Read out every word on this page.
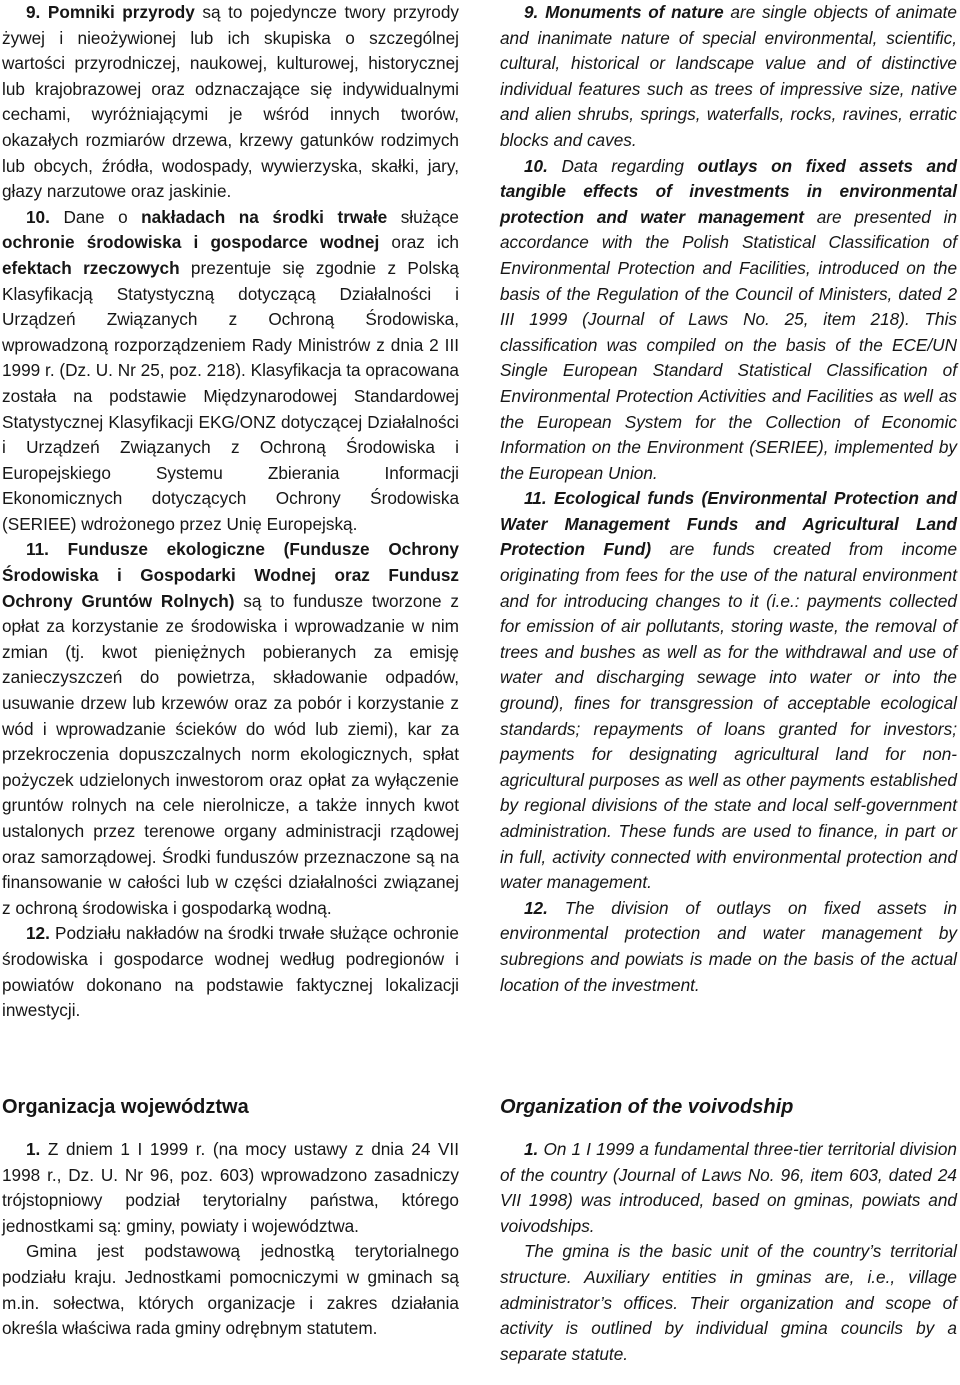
9. Pomniki przyrody są to pojedyncze twory przyrody żywej i nieożywionej lub ich skupiska o szczególnej wartości przyrodniczej, naukowej, kulturowej, historycznej lub krajobrazowej oraz odznaczające się indywidualnymi cechami, wyróżniającymi je wśród innych tworów, okazałych rozmiarów drzewa, krzewy gatunków rodzimych lub obcych, źródła, wodospady, wywierzyska, skałki, jary, głazy narzutowe oraz jaskinie.

10. Dane o nakładach na środki trwałe służące ochronie środowiska i gospodarce wodnej oraz ich efektach rzeczowych prezentuje się zgodnie z Polską Klasyfikacją Statystyczną dotyczącą Działalności i Urządzeń Związanych z Ochroną Środowiska, wprowadzoną rozporządzeniem Rady Ministrów z dnia 2 III 1999 r. (Dz. U. Nr 25, poz. 218). Klasyfikacja ta opracowana została na podstawie Międzynarodowej Standardowej Statystycznej Klasyfikacji EKG/ONZ dotyczącej Działalności i Urządzeń Związanych z Ochroną Środowiska i Europejskiego Systemu Zbierania Informacji Ekonomicznych dotyczących Ochrony Środowiska (SERIEE) wdrożonego przez Unię Europejską.

11. Fundusze ekologiczne (Fundusze Ochrony Środowiska i Gospodarki Wodnej oraz Fundusz Ochrony Gruntów Rolnych) są to fundusze tworzone z opłat za korzystanie ze środowiska i wprowadzanie w nim zmian (tj. kwot pieniężnych pobieranych za emisję zanieczyszczeń do powietrza, składowanie odpadów, usuwanie drzew lub krzewów oraz za pobór i korzystanie z wód i wprowadzanie ścieków do wód lub ziemi), kar za przekroczenia dopuszczalnych norm ekologicznych, spłat pożyczek udzielonych inwestorom oraz opłat za wyłączenie gruntów rolnych na cele nierolnicze, a także innych kwot ustalonych przez terenowe organy administracji rządowej oraz samorządowej. Środki funduszów przeznaczone są na finansowanie w całości lub w części działalności związanej z ochroną środowiska i gospodarką wodną.

12. Podziału nakładów na środki trwałe służące ochronie środowiska i gospodarce wodnej według podregionów i powiatów dokonano na podstawie faktycznej lokalizacji inwestycji.

Organizacja województwa

1. Z dniem 1 I 1999 r. (na mocy ustawy z dnia 24 VII 1998 r., Dz. U. Nr 96, poz. 603) wprowadzono zasadniczy trójstopniowy podział terytorialny państwa, którego jednostkami są: gminy, powiaty i województwa.

Gmina jest podstawową jednostką terytorialnego podziału kraju. Jednostkami pomocniczymi w gminach są m.in. sołectwa, których organizacje i zakres działania określa właściwa rada gminy odrębnym statutem.

9. Monuments of nature are single objects of animate and inanimate nature of special environmental, scientific, cultural, historical or landscape value and of distinctive individual features such as trees of impressive size, native and alien shrubs, springs, waterfalls, rocks, ravines, erratic blocks and caves.

10. Data regarding outlays on fixed assets and tangible effects of investments in environmental protection and water management are presented in accordance with the Polish Statistical Classification of Environmental Protection and Facilities, introduced on the basis of the Regulation of the Council of Ministers, dated 2 III 1999 (Journal of Laws No. 25, item 218). This classification was compiled on the basis of the ECE/UN Single European Standard Statistical Classification of Environmental Protection Activities and Facilities as well as the European System for the Collection of Economic Information on the Environment (SERIEE), implemented by the European Union.

11. Ecological funds (Environmental Protection and Water Management Funds and Agricultural Land Protection Fund) are funds created from income originating from fees for the use of the natural environment and for introducing changes to it (i.e.: payments collected for emission of air pollutants, storing waste, the removal of trees and bushes as well as for the withdrawal and use of water and discharging sewage into water or into the ground), fines for transgression of acceptable ecological standards; repayments of loans granted for investors; payments for designating agricultural land for non-agricultural purposes as well as other payments established by regional divisions of the state and local self-government administration. These funds are used to finance, in part or in full, activity connected with environmental protection and water management.

12. The division of outlays on fixed assets in environmental protection and water management by subregions and powiats is made on the basis of the actual location of the investment.

Organization of the voivodship

1. On 1 I 1999 a fundamental three-tier territorial division of the country (Journal of Laws No. 96, item 603, dated 24 VII 1998) was introduced, based on gminas, powiats and voivodships.

The gmina is the basic unit of the country’s territorial structure. Auxiliary entities in gminas are, i.e., village administrator’s offices. Their organization and scope of activity is outlined by individual gmina councils by a separate statute.
